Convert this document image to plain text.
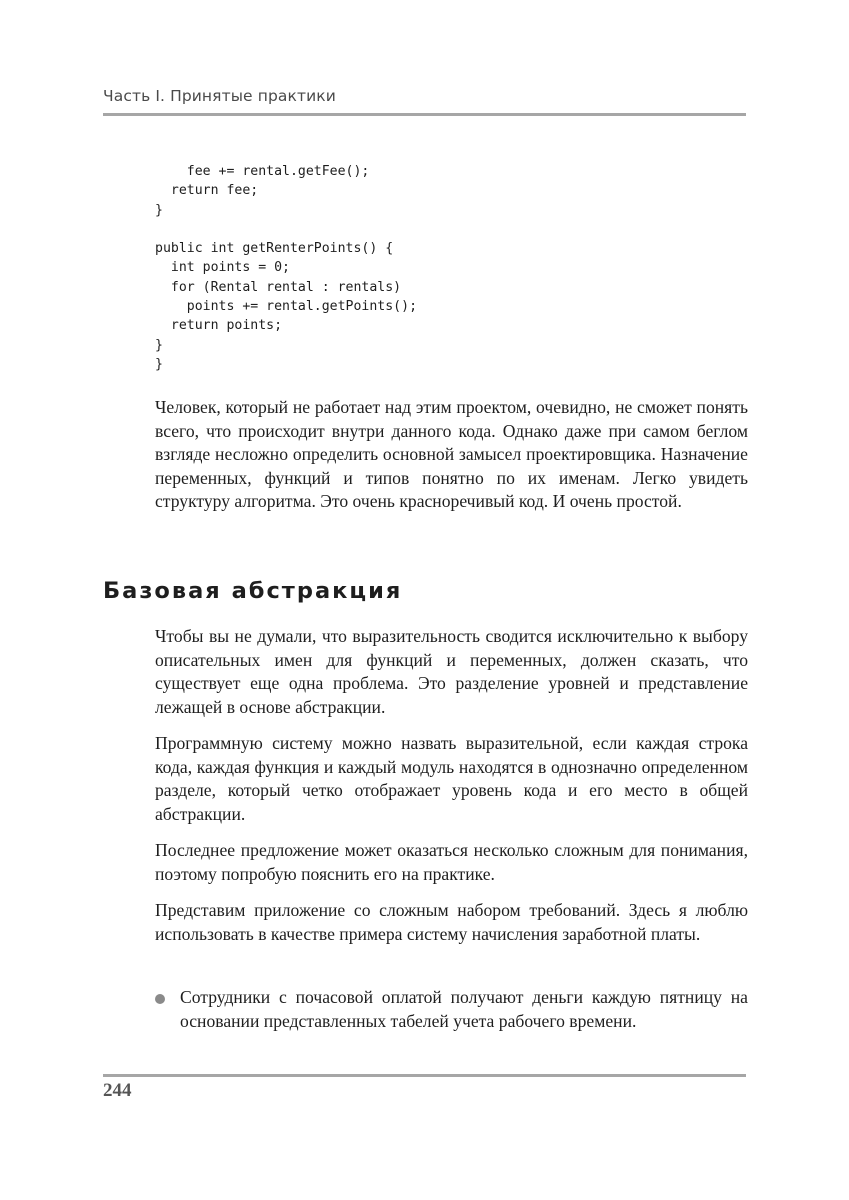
Часть I. Принятые практики
fee += rental.getFee();
return fee;
}

public int getRenterPoints() {
int points = 0;
for (Rental rental : rentals)
points += rental.getPoints();
return points;
}
}

Человек, который не работает над этим проектом, очевидно, не сможет понять всего, что происходит внутри данного кода. Однако даже при самом беглом взгляде несложно определить основной замысел проектировщика. Назначение переменных, функций и типов понятно по их именам. Легко увидеть структуру алгоритма. Это очень красноречивый код. И очень простой.

Базовая абстракция

Чтобы вы не думали, что выразительность сводится исключительно к выбору описательных имен для функций и переменных, должен сказать, что существует еще одна проблема. Это разделение уровней и представление лежащей в основе абстракции.

Программную систему можно назвать выразительной, если каждая строка кода, каждая функция и каждый модуль находятся в однозначно определенном разделе, который четко отображает уровень кода и его место в общей абстракции.

Последнее предложение может оказаться несколько сложным для понимания, поэтому попробую пояснить его на практике.

Представим приложение со сложным набором требований. Здесь я люблю использовать в качестве примера систему начисления заработной платы.

Сотрудники с почасовой оплатой получают деньги каждую пятницу на основании представленных табелей учета рабочего времени.

244
